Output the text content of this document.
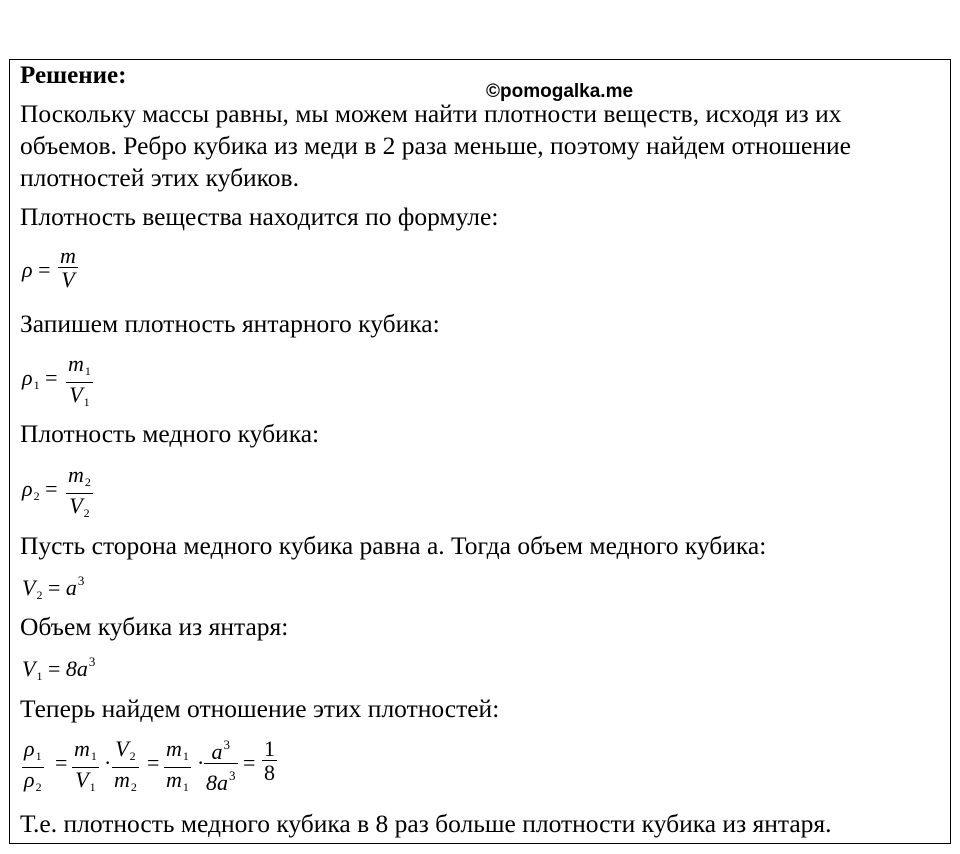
Решение:
©pomogalka.me
Поскольку массы равны, мы можем найти плотности веществ, исходя из их
объемов. Ребро кубика из меди в 2 раза меньше, поэтому найдем отношение
плотностей этих кубиков.
Плотность вещества находится по формуле:
$\rho = \frac{m}{V}$
Запишем плотность янтарного кубика:
$\rho_1 = \frac{m_1}{V_1}$
Плотность медного кубика:
$\rho_2 = \frac{m_2}{V_2}$
Пусть сторона медного кубика равна а. Тогда объем медного кубика:
$V_2 = a^3$
Объем кубика из янтаря:
$V_1 = 8a^3$
Теперь найдем отношение этих плотностей:
$\frac{\rho_1}{\rho_2} = \frac{m_1}{V_1} \cdot \frac{V_2}{m_2} = \frac{m_1}{m_1} \cdot \frac{a^3}{8a^3} = \frac{1}{8}$
Т.е. плотность медного кубика в 8 раз больше плотности кубика из янтаря.
